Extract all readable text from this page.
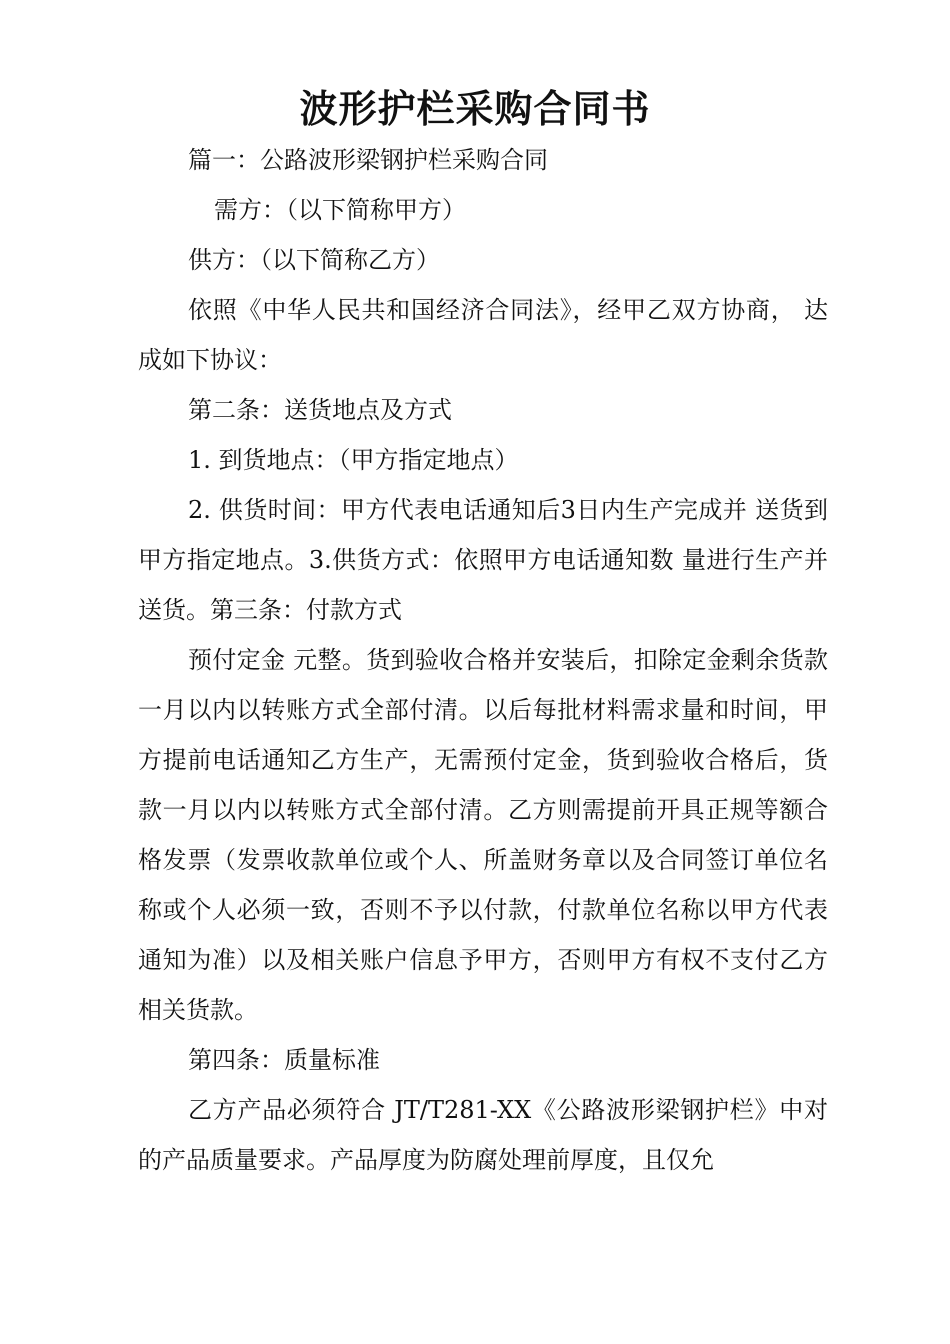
波形护栏采购合同书

篇一：公路波形梁钢护栏采购合同

需方：（以下简称甲方）

供方：（以下简称乙方）

依照《中华人民共和国经济合同法》，经甲乙双方协商， 达成如下协议：

第二条：送货地点及方式

1. 到货地点：（甲方指定地点）

2. 供货时间：甲方代表电话通知后3日内生产完成并 送货到甲方指定地点。3.供货方式：依照甲方电话通知数 量进行生产并送货。第三条：付款方式

预付定金 元整。货到验收合格并安装后，扣除定金剩余货款一月以内以转账方式全部付清。以后每批材料需求量和时间，甲方提前电话通知乙方生产，无需预付定金，货到验收合格后，货款一月以内以转账方式全部付清。乙方则需提前开具正规等额合格发票（发票收款单位或个人、所盖财务章以及合同签订单位名称或个人必须一致，否则不予以付款，付款单位名称以甲方代表通知为准）以及相关账户信息予甲方，否则甲方有权不支付乙方相关货款。

第四条：质量标准

乙方产品必须符合 JT/T281-XX《公路波形梁钢护栏》中对的产品质量要求。产品厚度为防腐处理前厚度，且仅允
